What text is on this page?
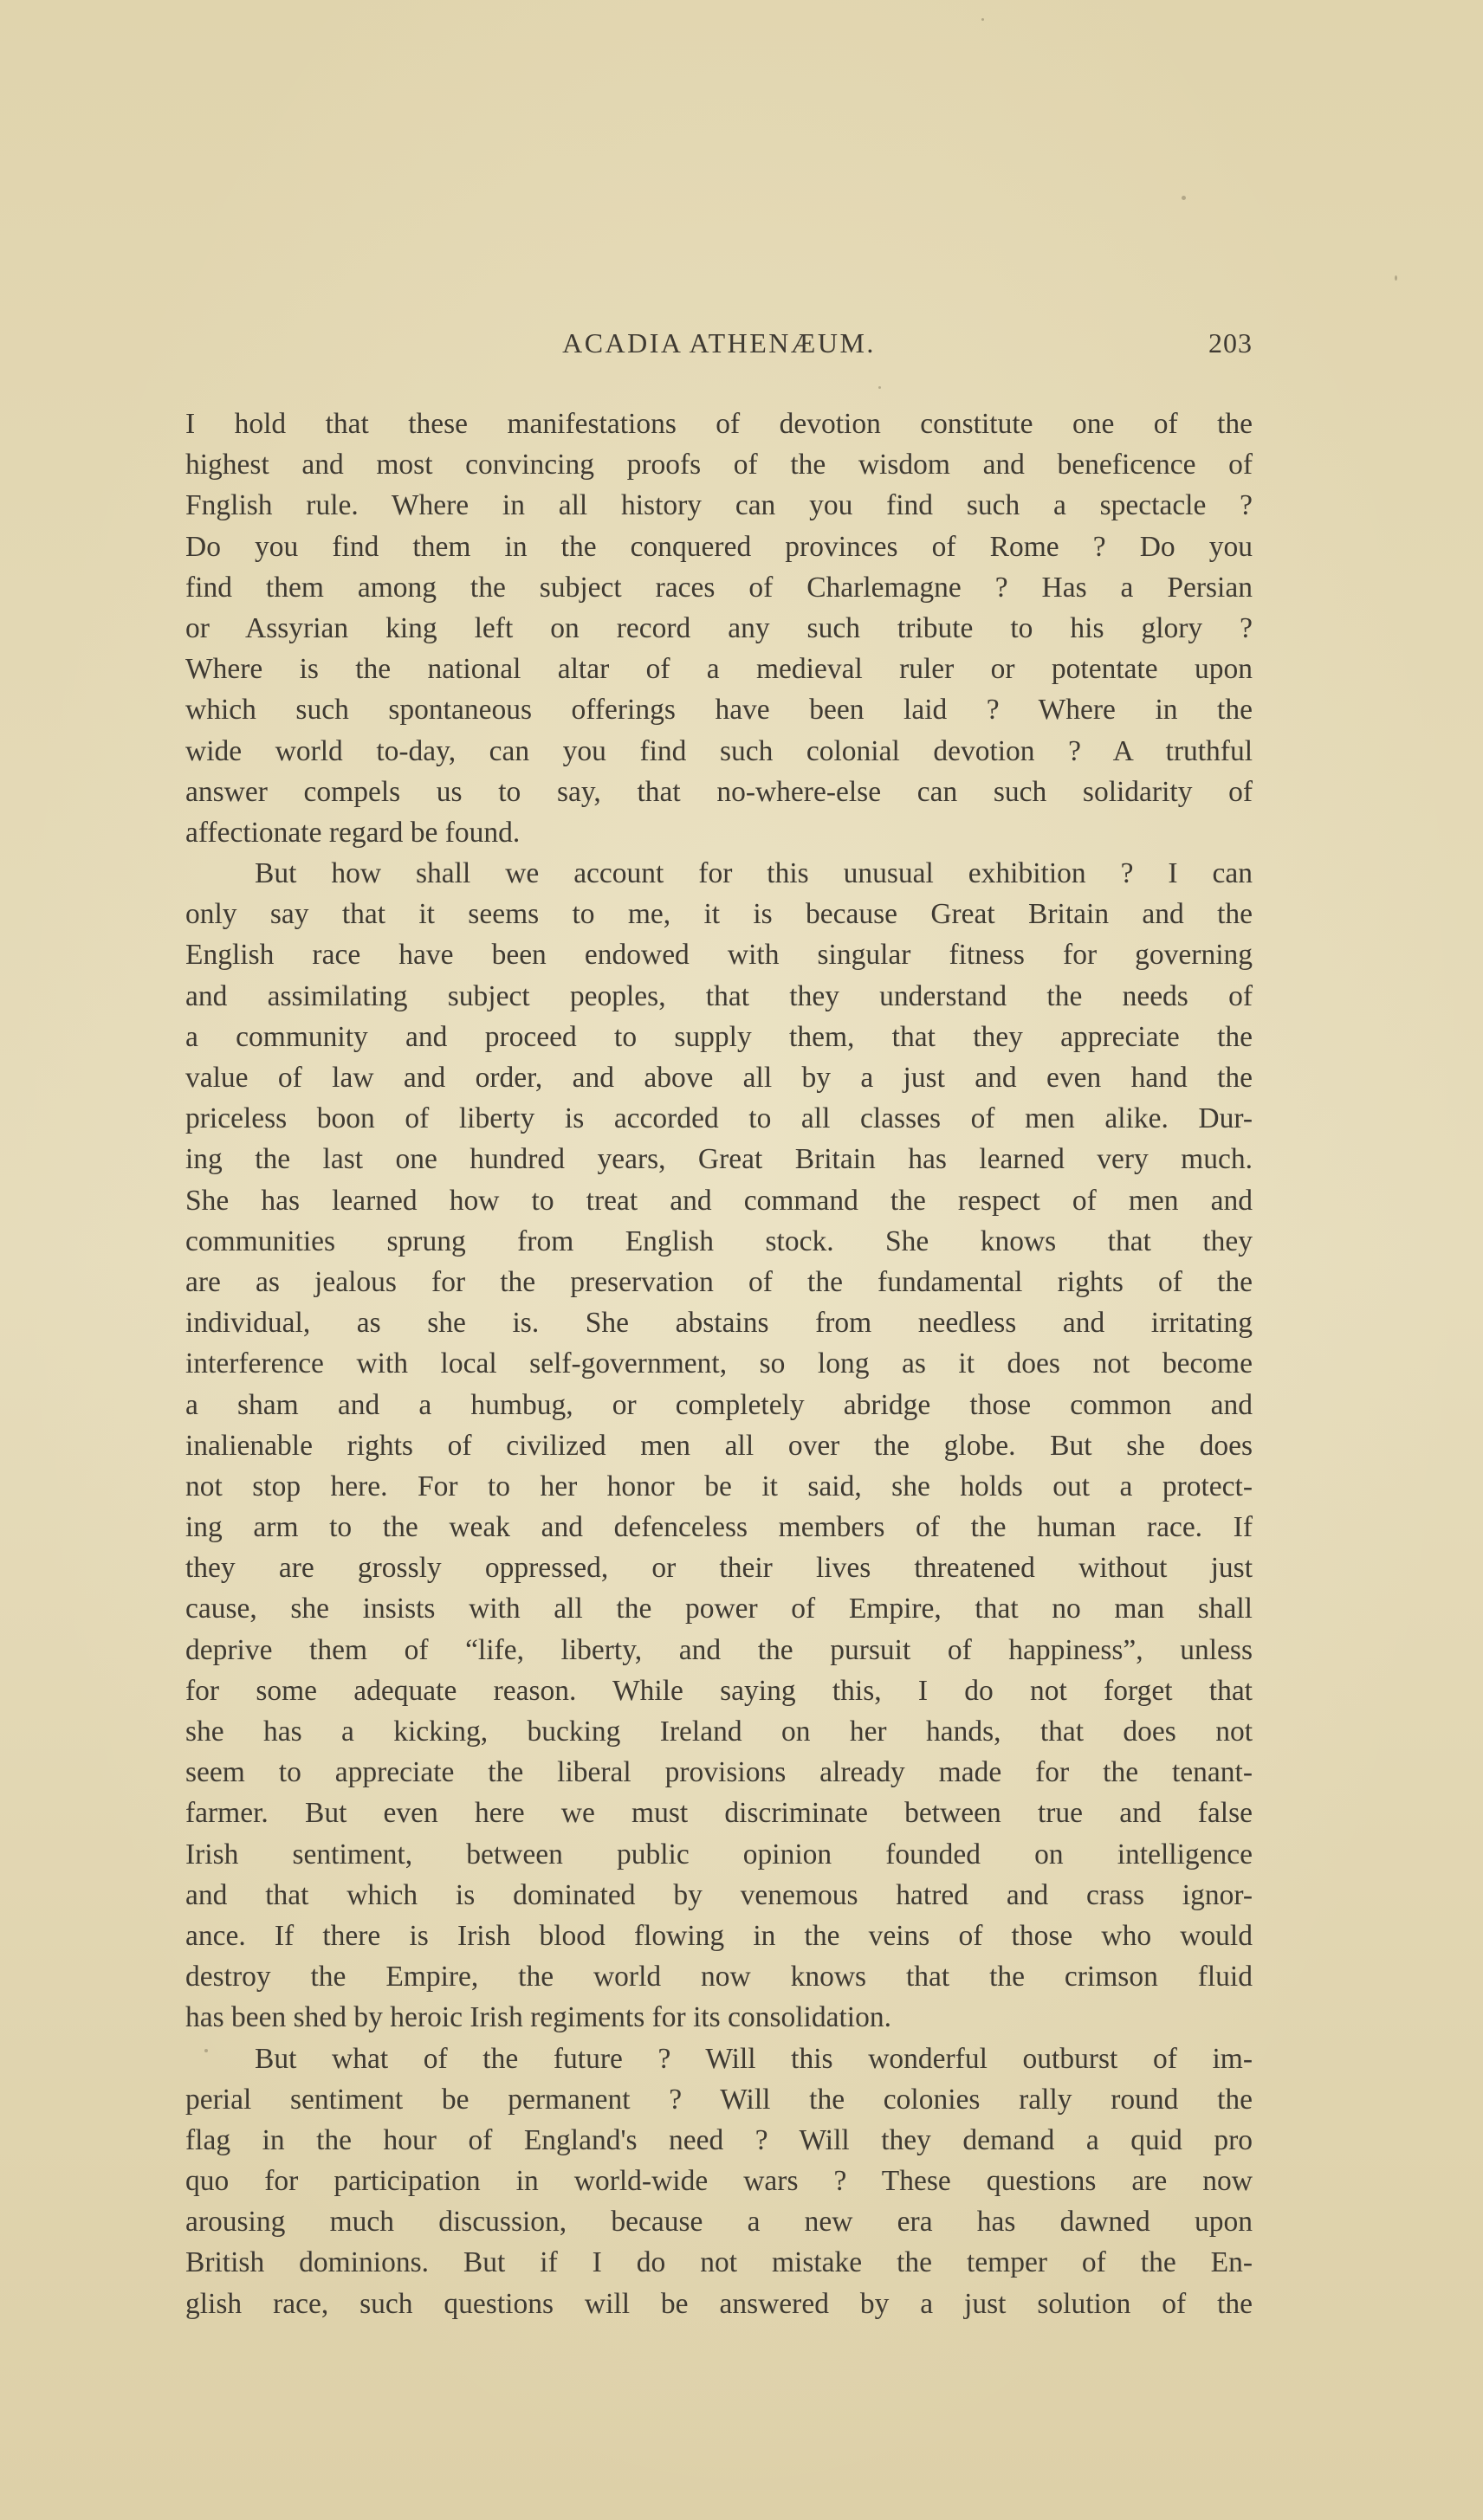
ACADIA ATHENÆUM.	203
I hold that these manifestations of devotion constitute one of the
highest and most convincing proofs of the wisdom and beneficence of
Fnglish rule. Where in all history can you find such a spectacle ?
Do you find them in the conquered provinces of Rome ? Do you
find them among the subject races of Charlemagne ? Has a Persian
or Assyrian king left on record any such tribute to his glory ?
Where is the national altar of a medieval ruler or potentate upon
which such spontaneous offerings have been laid ? Where in the
wide world to-day, can you find such colonial devotion ? A truthful
answer compels us to say, that no-where-else can such solidarity of
affectionate regard be found.
But how shall we account for this unusual exhibition ? I can
only say that it seems to me, it is because Great Britain and the
English race have been endowed with singular fitness for governing
and assimilating subject peoples, that they understand the needs of
a community and proceed to supply them, that they appreciate the
value of law and order, and above all by a just and even hand the
priceless boon of liberty is accorded to all classes of men alike. Dur-
ing the last one hundred years, Great Britain has learned very much.
She has learned how to treat and command the respect of men and
communities sprung from English stock. She knows that they
are as jealous for the preservation of the fundamental rights of the
individual, as she is. She abstains from needless and irritating
interference with local self-government, so long as it does not become
a sham and a humbug, or completely abridge those common and
inalienable rights of civilized men all over the globe. But she does
not stop here. For to her honor be it said, she holds out a protect-
ing arm to the weak and defenceless members of the human race. If
they are grossly oppressed, or their lives threatened without just
cause, she insists with all the power of Empire, that no man shall
deprive them of “life, liberty, and the pursuit of happiness”, unless
for some adequate reason. While saying this, I do not forget that
she has a kicking, bucking Ireland on her hands, that does not
seem to appreciate the liberal provisions already made for the tenant-
farmer. But even here we must discriminate between true and false
Irish sentiment, between public opinion founded on intelligence
and that which is dominated by venemous hatred and crass ignor-
ance. If there is Irish blood flowing in the veins of those who would
destroy the Empire, the world now knows that the crimson fluid
has been shed by heroic Irish regiments for its consolidation.
But what of the future ? Will this wonderful outburst of im-
perial sentiment be permanent ? Will the colonies rally round the
flag in the hour of England's need ? Will they demand a quid pro
quo for participation in world-wide wars ? These questions are now
arousing much discussion, because a new era has dawned upon
British dominions. But if I do not mistake the temper of the En-
glish race, such questions will be answered by a just solution of the
